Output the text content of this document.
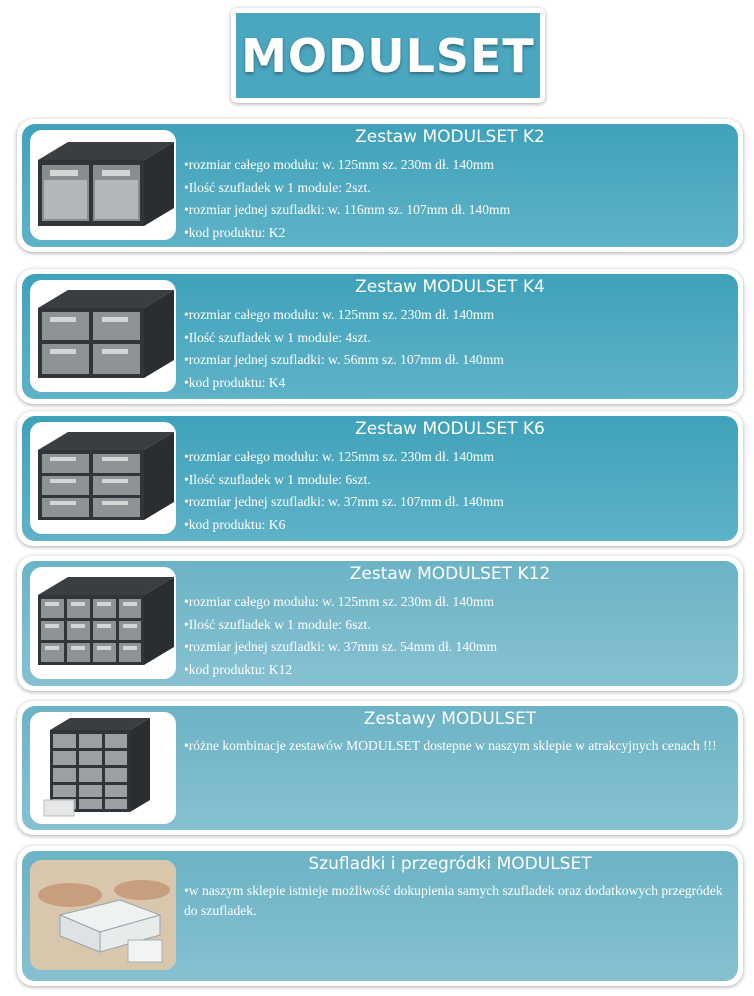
MODULSET
Zestaw MODULSET K2
•rozmiar całego modułu: w. 125mm sz. 230m dł. 140mm
•Ilość szufladek w 1 module: 2szt.
•rozmiar jednej szufladki: w. 116mm sz. 107mm dł. 140mm
•kod produktu: K2
Zestaw MODULSET K4
•rozmiar całego modułu: w. 125mm sz. 230m dł. 140mm
•Ilość szufladek w 1 module: 4szt.
•rozmiar jednej szufladki: w. 56mm sz. 107mm dł. 140mm
•kod produktu: K4
Zestaw MODULSET K6
•rozmiar całego modułu: w. 125mm sz. 230m dł. 140mm
•Ilość szufladek w 1 module: 6szt.
•rozmiar jednej szufladki: w. 37mm sz. 107mm dł. 140mm
•kod produktu: K6
Zestaw MODULSET K12
•rozmiar całego modułu: w. 125mm sz. 230m dł. 140mm
•Ilość szufladek w 1 module: 6szt.
•rozmiar jednej szufladki: w. 37mm sz. 54mm dł. 140mm
•kod produktu: K12
Zestawy MODULSET
•różne kombinacje zestawów MODULSET dostepne w naszym sklepie w atrakcyjnych cenach !!!
Szufladki i przegródki MODULSET
•w naszym sklepie istnieje możliwość dokupienia samych szufladek oraz dodatkowych przegródek do szufladek.
